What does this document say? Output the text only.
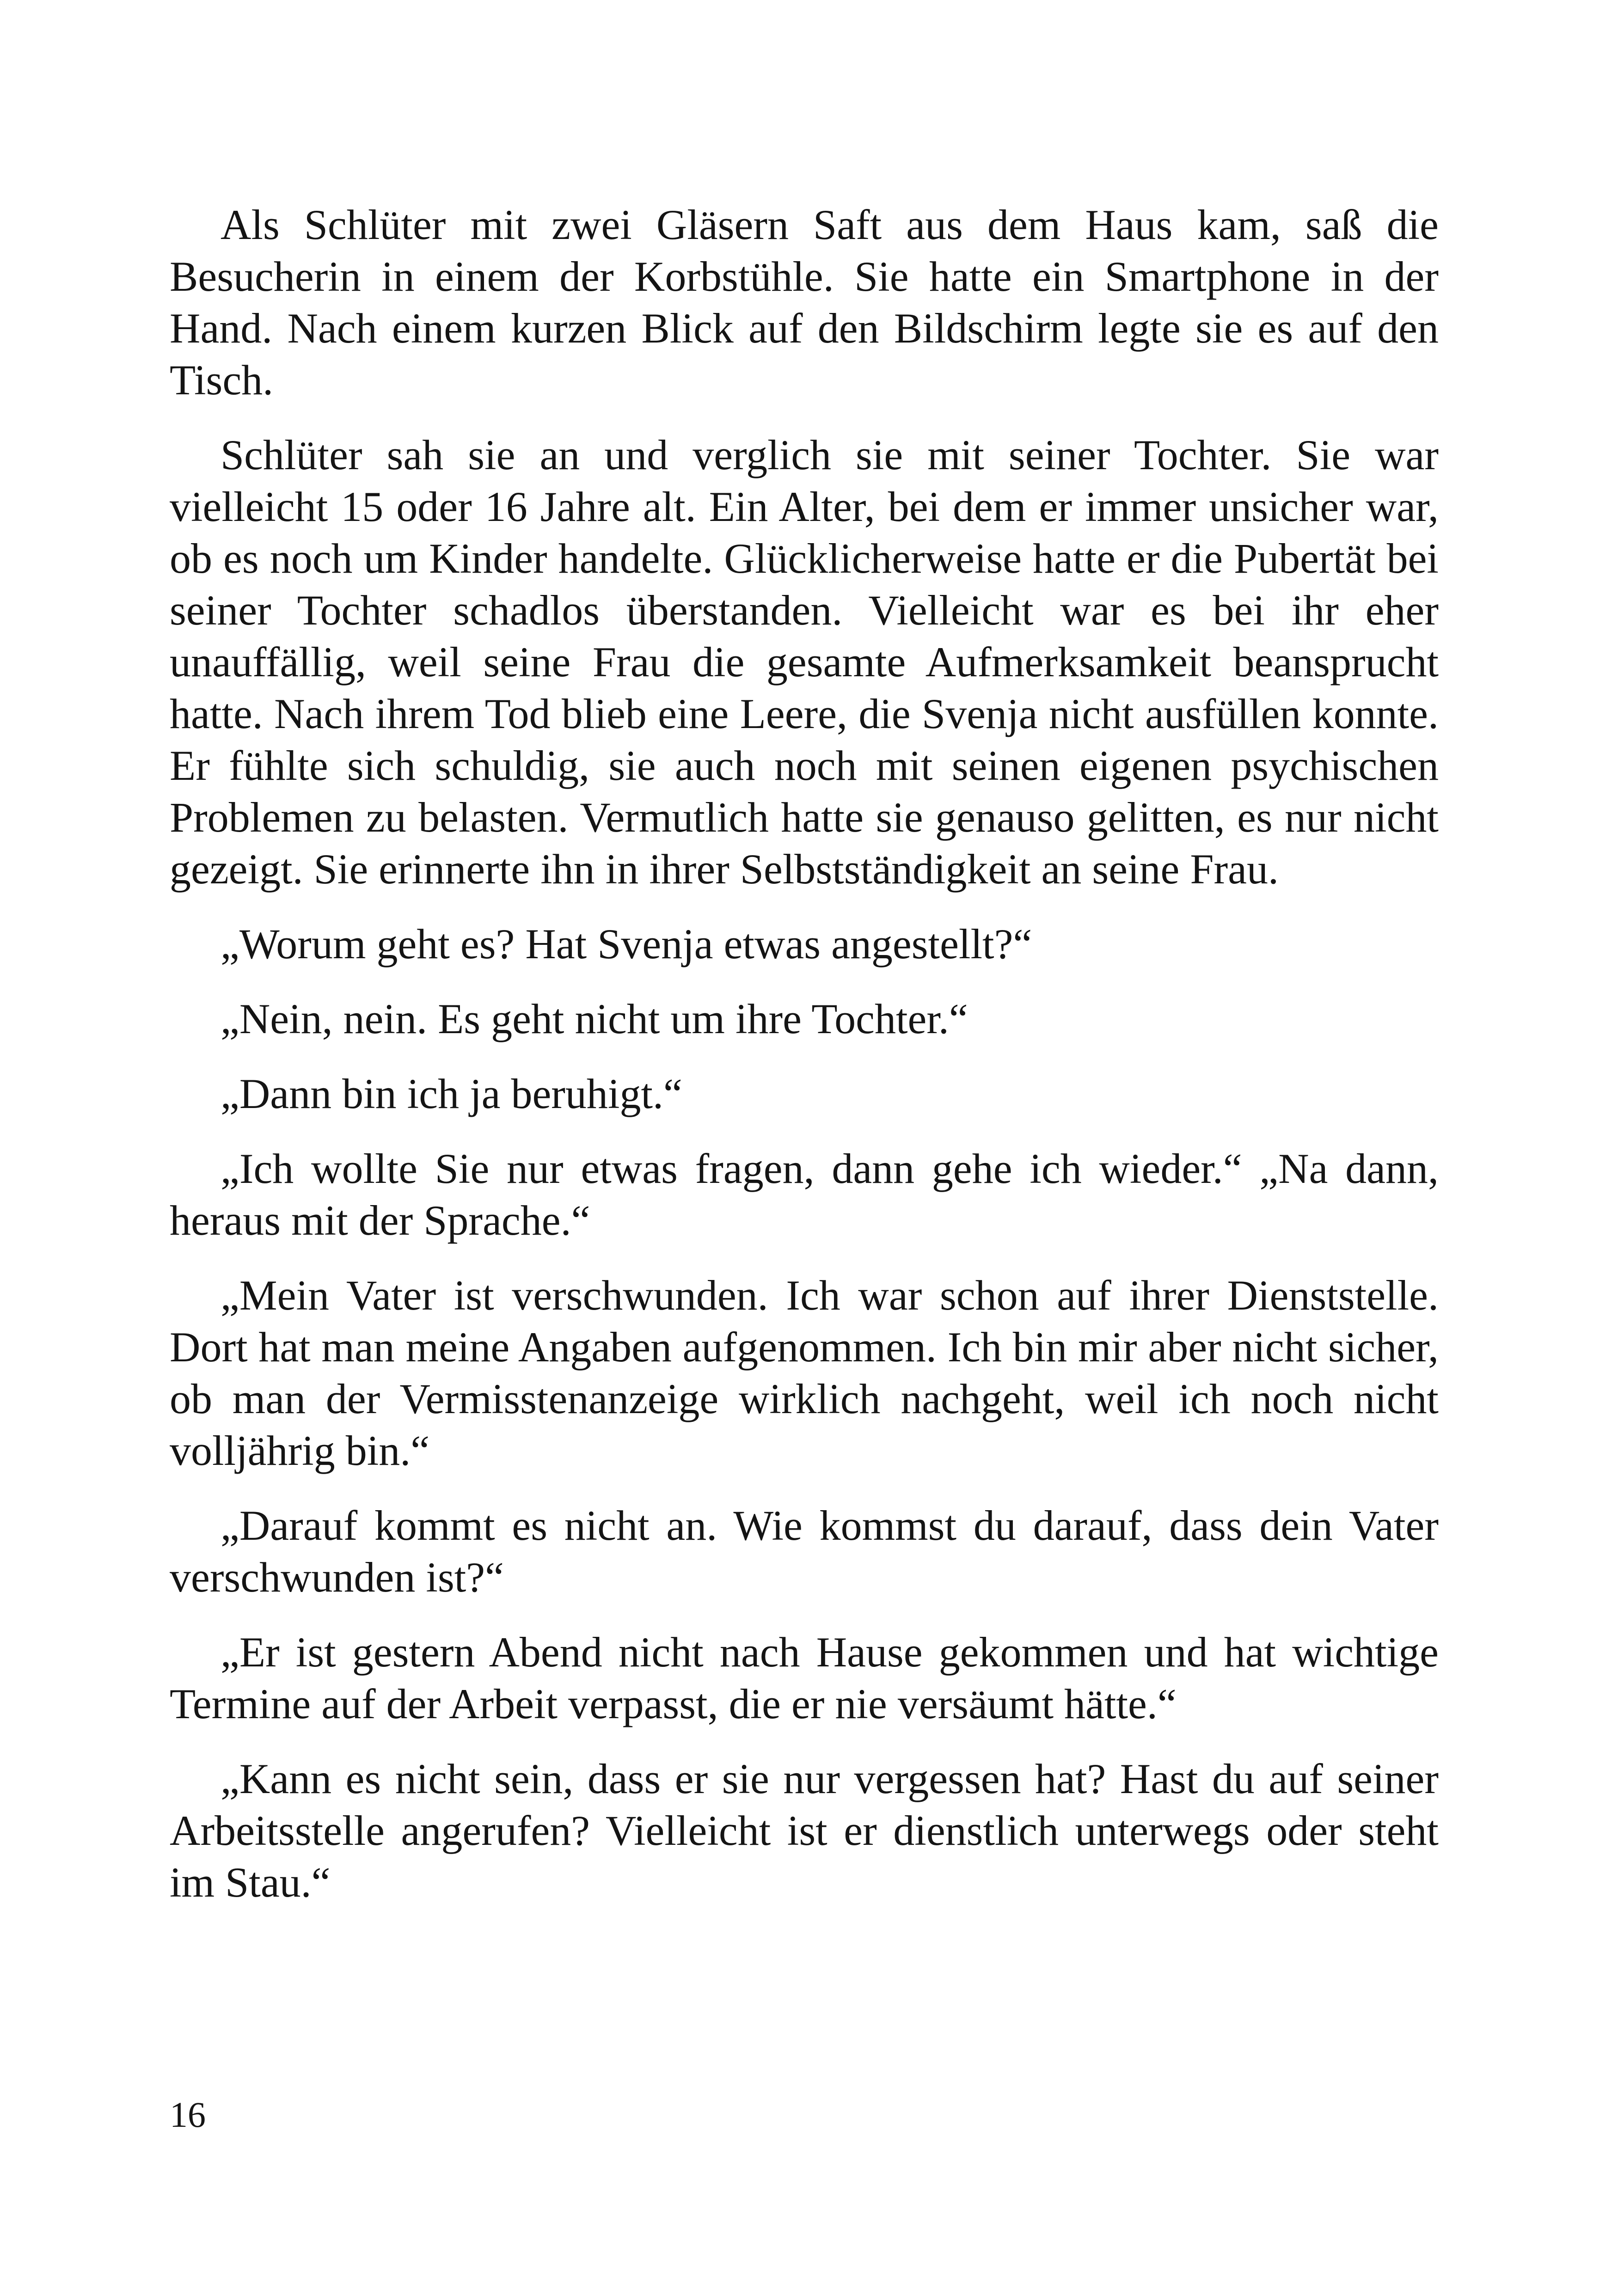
Als Schlüter mit zwei Gläsern Saft aus dem Haus kam, saß die Besucherin in einem der Korbstühle. Sie hatte ein Smartphone in der Hand. Nach einem kurzen Blick auf den Bildschirm legte sie es auf den Tisch.

Schlüter sah sie an und verglich sie mit seiner Tochter. Sie war vielleicht 15 oder 16 Jahre alt. Ein Alter, bei dem er immer unsicher war, ob es noch um Kinder handelte. Glücklicherweise hatte er die Pubertät bei seiner Tochter schadlos überstanden. Vielleicht war es bei ihr eher unauffällig, weil seine Frau die gesamte Aufmerksamkeit beansprucht hatte. Nach ihrem Tod blieb eine Leere, die Svenja nicht ausfüllen konnte. Er fühlte sich schuldig, sie auch noch mit seinen eigenen psychischen Problemen zu belasten. Vermutlich hatte sie genauso gelitten, es nur nicht gezeigt. Sie erinnerte ihn in ihrer Selbstständigkeit an seine Frau.

„Worum geht es? Hat Svenja etwas angestellt?“

„Nein, nein. Es geht nicht um ihre Tochter.“

„Dann bin ich ja beruhigt.“

„Ich wollte Sie nur etwas fragen, dann gehe ich wieder.“ „Na dann, heraus mit der Sprache.“

„Mein Vater ist verschwunden. Ich war schon auf ihrer Dienststelle. Dort hat man meine Angaben aufgenommen. Ich bin mir aber nicht sicher, ob man der Vermisstenanzeige wirklich nachgeht, weil ich noch nicht volljährig bin.“

„Darauf kommt es nicht an. Wie kommst du darauf, dass dein Vater verschwunden ist?“

„Er ist gestern Abend nicht nach Hause gekommen und hat wichtige Termine auf der Arbeit verpasst, die er nie versäumt hätte.“

„Kann es nicht sein, dass er sie nur vergessen hat? Hast du auf seiner Arbeitsstelle angerufen? Vielleicht ist er dienstlich unterwegs oder steht im Stau.“

16
